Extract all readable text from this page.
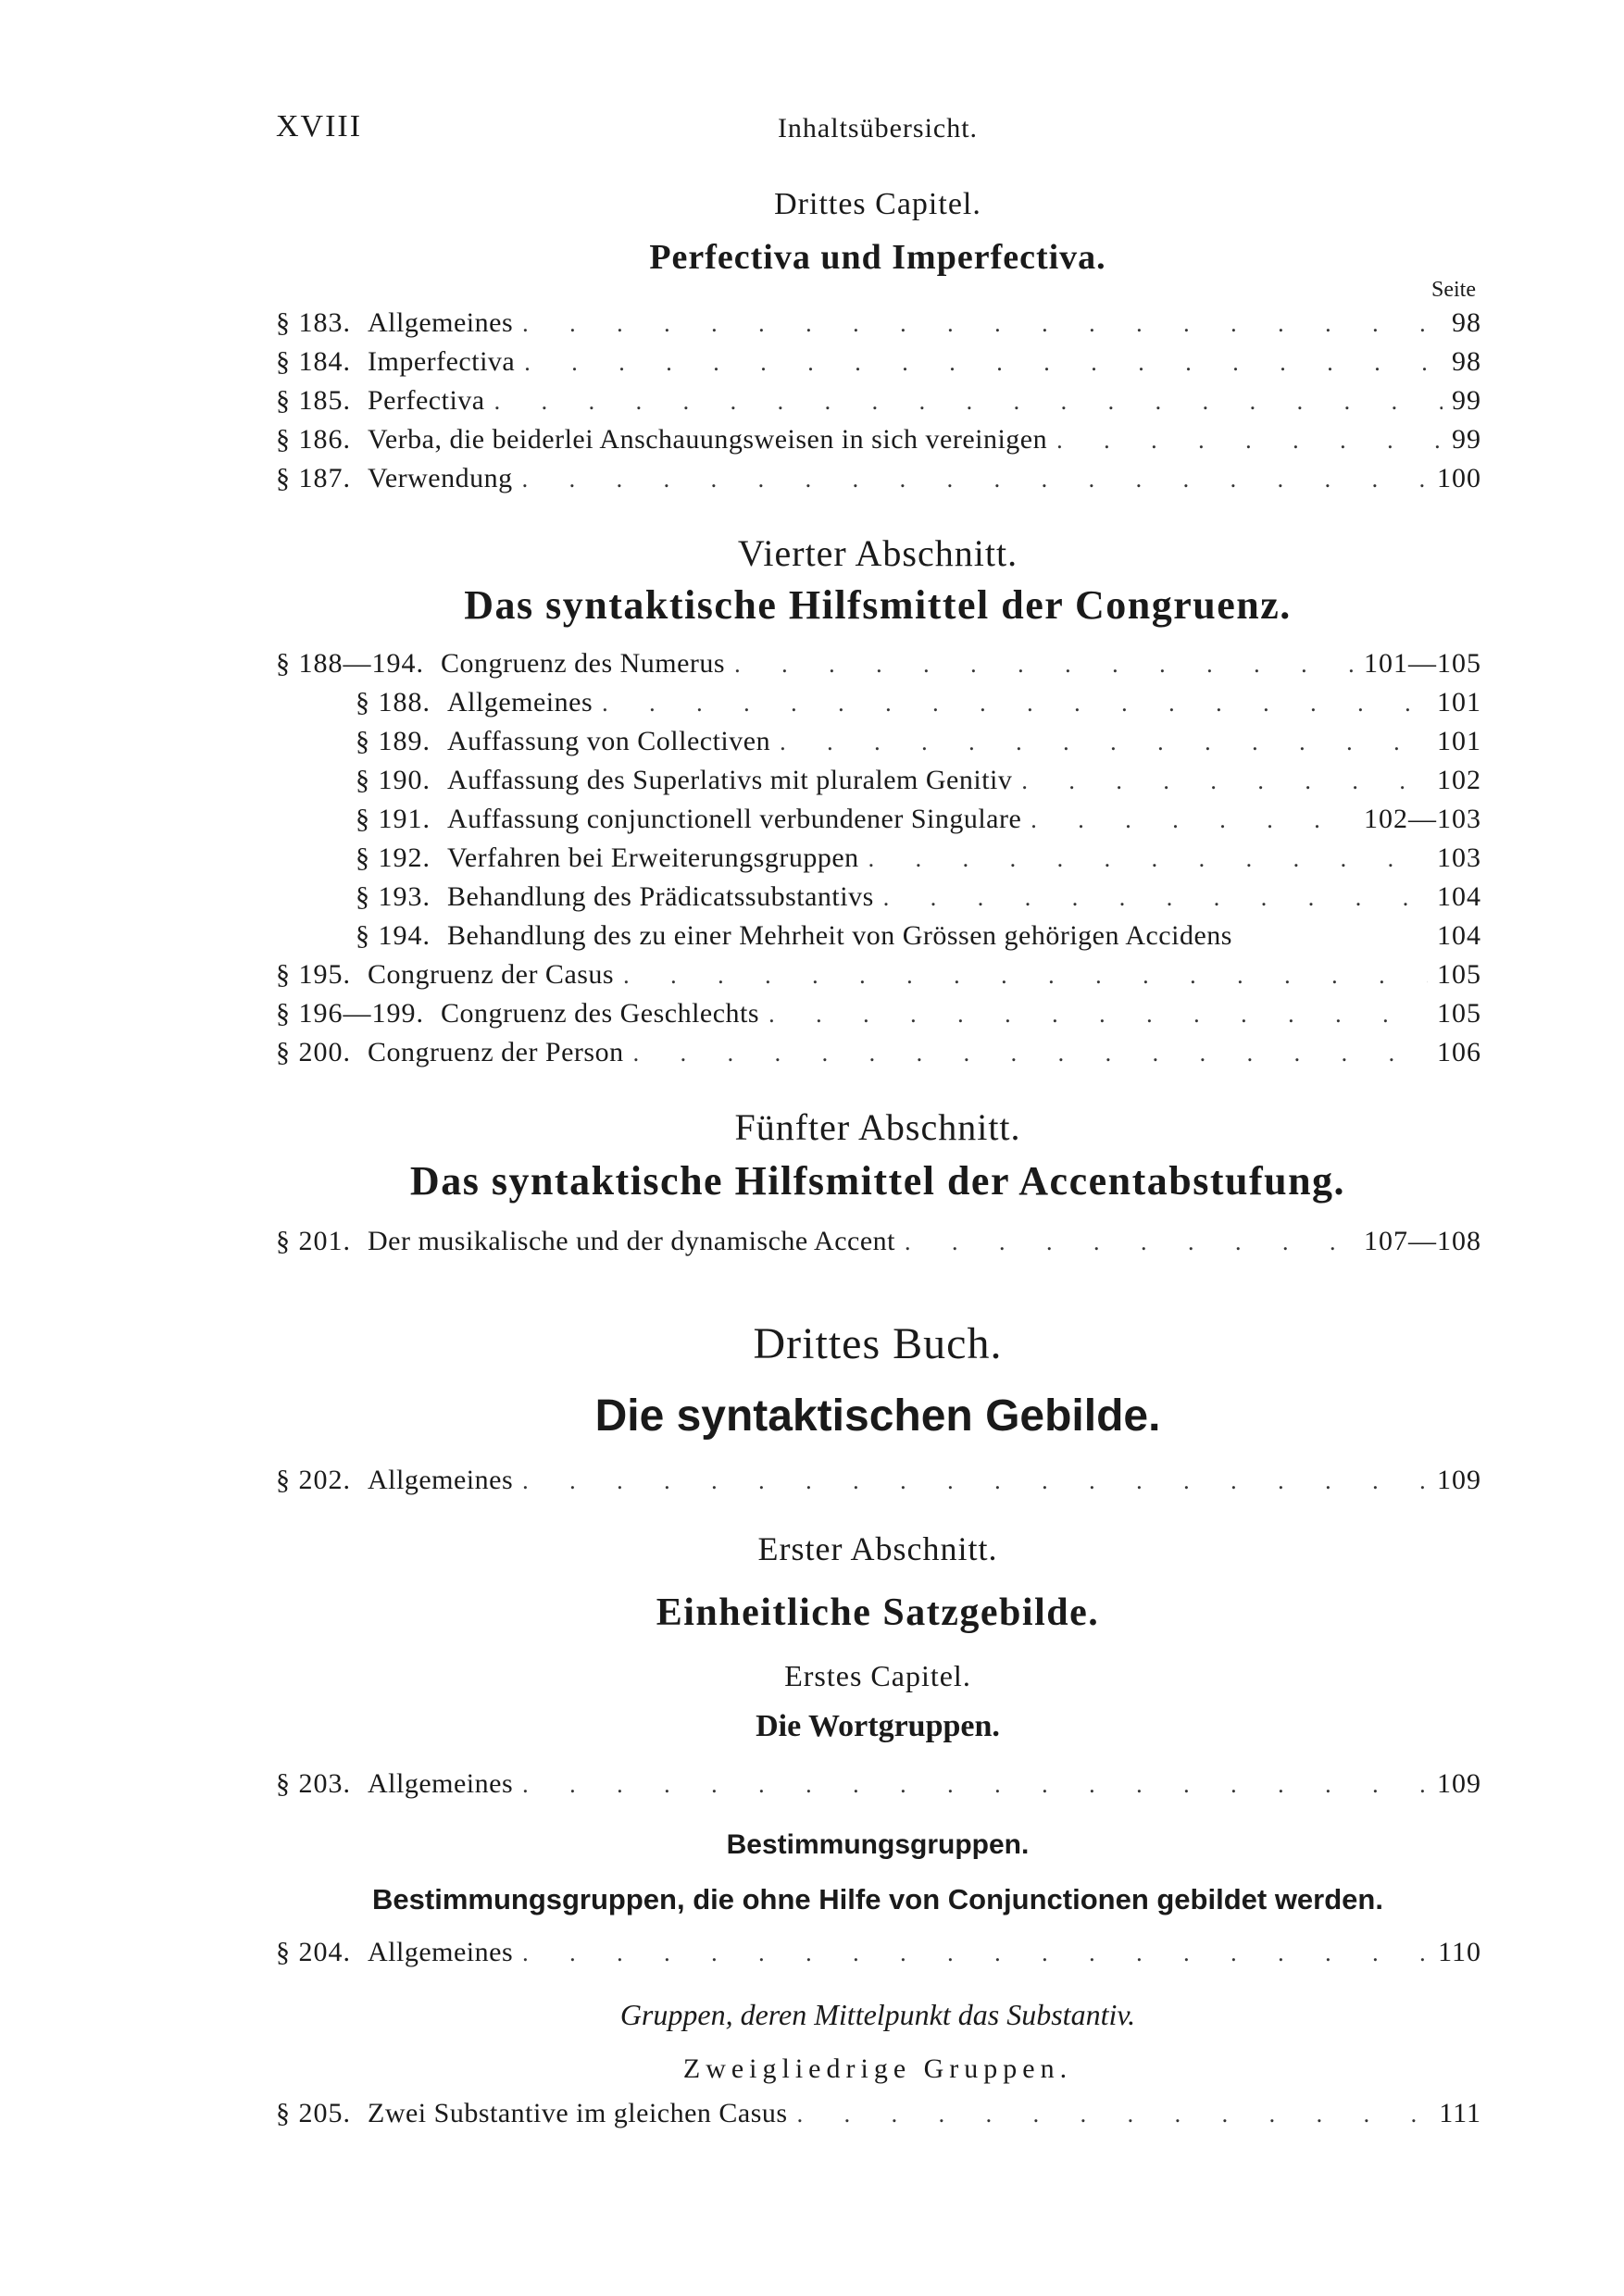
XVIII	Inhaltsübersicht.
Drittes Capitel.
Perfectiva und Imperfectiva.
Seite
§ 183. Allgemeines . . .	98
§ 184. Imperfectiva . . .	98
§ 185. Perfectiva . . .	99
§ 186. Verba, die beiderlei Anschauungsweisen in sich vereinigen . . .	99
§ 187. Verwendung . . .	100
Vierter Abschnitt.
Das syntaktische Hilfsmittel der Congruenz.
§ 188—194. Congruenz des Numerus . . .	101—105
§ 188. Allgemeines . . .	101
§ 189. Auffassung von Collectiven . . .	101
§ 190. Auffassung des Superlativs mit pluralem Genitiv . . .	102
§ 191. Auffassung conjunctionell verbundener Singulare . . .	102—103
§ 192. Verfahren bei Erweiterungsgruppen . . .	103
§ 193. Behandlung des Prädicatssubstantivs . . .	104
§ 194. Behandlung des zu einer Mehrheit von Grössen gehörigen Accidens	104
§ 195. Congruenz der Casus . . .	105
§ 196—199. Congruenz des Geschlechts . . .	105
§ 200. Congruenz der Person . . .	106
Fünfter Abschnitt.
Das syntaktische Hilfsmittel der Accentabstufung.
§ 201. Der musikalische und der dynamische Accent . . .	107—108
Drittes Buch.
Die syntaktischen Gebilde.
§ 202. Allgemeines . . .	109
Erster Abschnitt.
Einheitliche Satzgebilde.
Erstes Capitel.
Die Wortgruppen.
§ 203. Allgemeines . . .	109
Bestimmungsgruppen.
Bestimmungsgruppen, die ohne Hilfe von Conjunctionen gebildet werden.
§ 204. Allgemeines . . .	110
Gruppen, deren Mittelpunkt das Substantiv.
Zweigliedrige Gruppen.
§ 205. Zwei Substantive im gleichen Casus . . .	111
